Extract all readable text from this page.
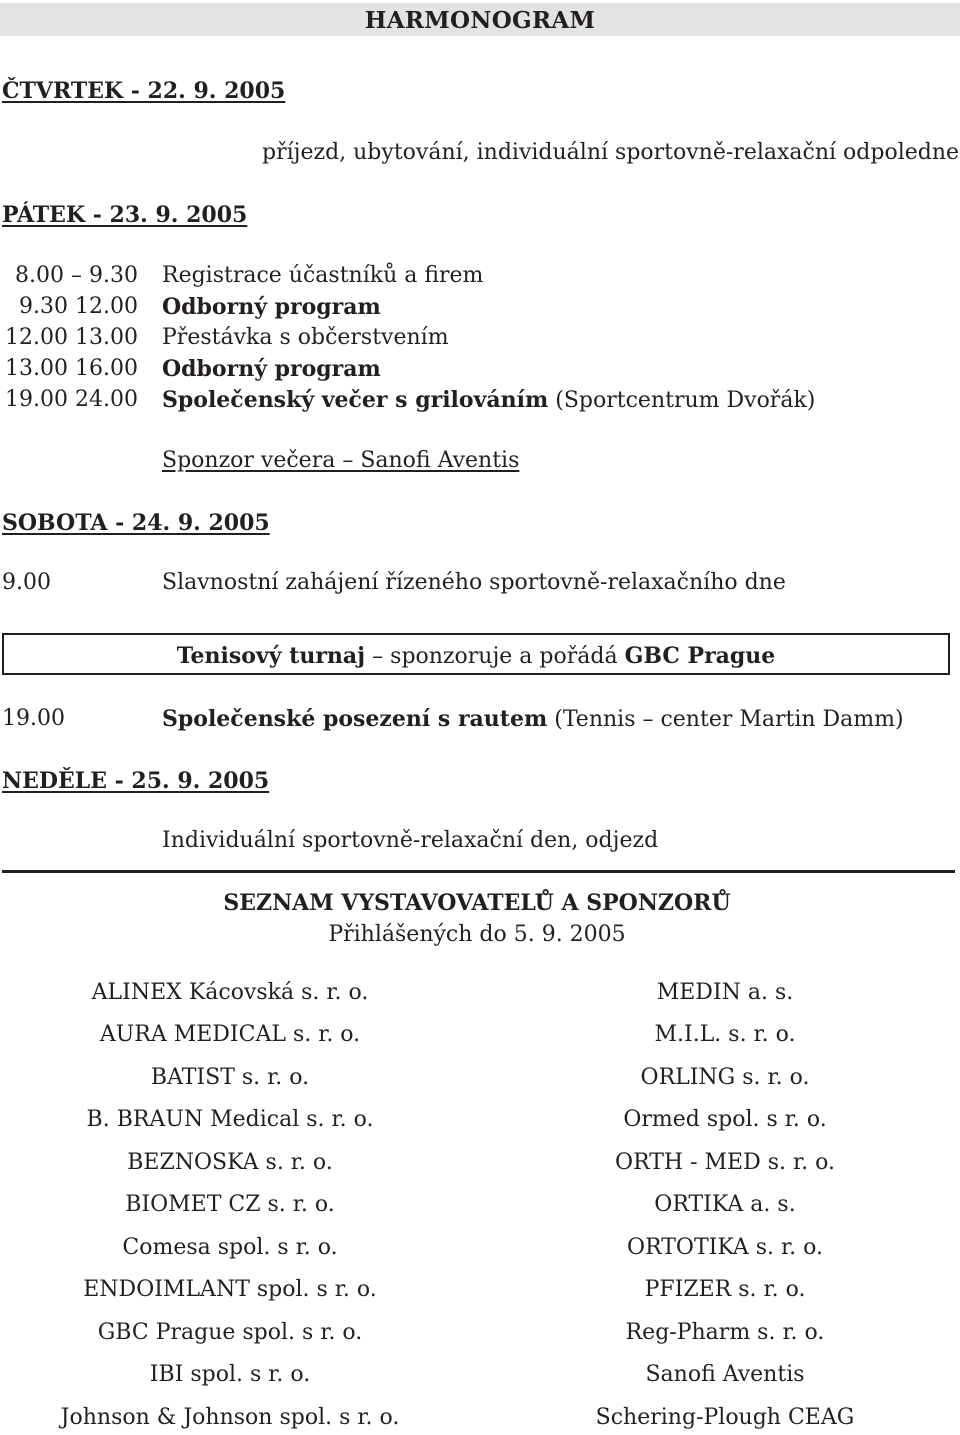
HARMONOGRAM
ČTVRTEK - 22. 9. 2005
příjezd, ubytování, individuální sportovně-relaxační odpoledne
PÁTEK - 23. 9. 2005
8.00 – 9.30 Registrace účastníků a firem
9.30 12.00 Odborný program
12.00 13.00 Přestávka s občerstvením
13.00 16.00 Odborný program
19.00 24.00 Společenský večer s grilováním (Sportcentrum Dvořák)
Sponzor večera – Sanofi Aventis
SOBOTA - 24. 9. 2005
9.00	Slavnostní zahájení řízeného sportovně-relaxačního dne
Tenisový turnaj – sponzoruje a pořádá GBC Prague
19.00	Společenské posezení s rautem (Tennis – center Martin Damm)
NEDĚLE - 25. 9. 2005
Individuální sportovně-relaxační den, odjezd
SEZNAM VYSTAVOVATELŮ A SPONZORŮ
Přihlášených do 5. 9. 2005
ALINEX Kácovská s. r. o.
AURA MEDICAL s. r. o.
BATIST s. r. o.
B. BRAUN Medical s. r. o.
BEZNOSKA s. r. o.
BIOMET CZ s. r. o.
Comesa spol. s r. o.
ENDOIMLANT spol. s r. o.
GBC Prague spol. s r. o.
IBI spol. s r. o.
Johnson & Johnson spol. s r. o.
MEDIN a. s.
M.I.L. s. r. o.
ORLING s. r. o.
Ormed spol. s r. o.
ORTH - MED s. r. o.
ORTIKA a. s.
ORTOTIKA s. r. o.
PFIZER s. r. o.
Reg-Pharm s. r. o.
Sanofi Aventis
Schering-Plough CEAG
